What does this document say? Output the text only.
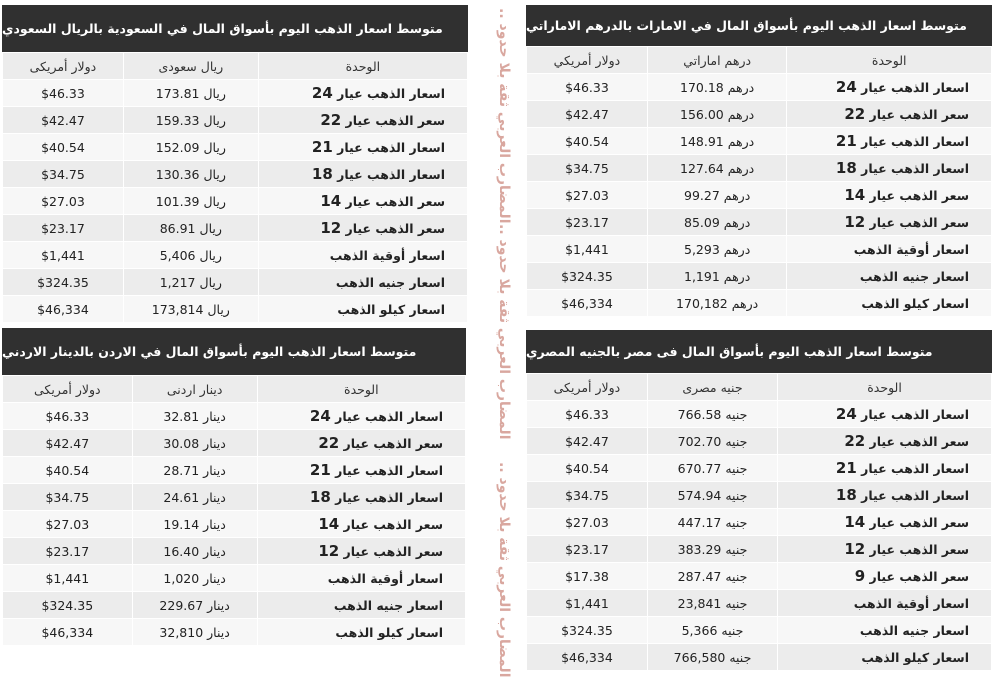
متوسط اسعار الذهب اليوم بأسواق المال في السعودية بالريال السعودي
دولار أمريكى	ريال سعودى	الوحدة
$46.33	173.81 ريال	اسعار الذهب عيار 24
$42.47	159.33 ريال	سعر الذهب عيار 22
$40.54	152.09 ريال	اسعار الذهب عيار 21
$34.75	130.36 ريال	اسعار الذهب عيار 18
$27.03	101.39 ريال	سعر الذهب عيار 14
$23.17	86.91 ريال	سعر الذهب عيار 12
$1,441	5,406 ريال	اسعار أوقية الذهب
$324.35	1,217 ريال	اسعار جنيه الذهب
$46,334	173,814 ريال	اسعار كيلو الذهب
متوسط اسعار الذهب اليوم بأسواق المال في الامارات بالدرهم الاماراتي
دولار أمريكي	درهم اماراتي	الوحدة
$46.33	170.18 درهم	اسعار الذهب عيار 24
$42.47	156.00 درهم	سعر الذهب عيار 22
$40.54	148.91 درهم	اسعار الذهب عيار 21
$34.75	127.64 درهم	اسعار الذهب عيار 18
$27.03	99.27 درهم	سعر الذهب عيار 14
$23.17	85.09 درهم	سعر الذهب عيار 12
$1,441	5,293 درهم	اسعار أوقية الذهب
$324.35	1,191 درهم	اسعار جنيه الذهب
$46,334	170,182 درهم	اسعار كيلو الذهب
متوسط اسعار الذهب اليوم بأسواق المال في الاردن بالدينار الاردني
دولار أمريكى	دينار اردنى	الوحدة
$46.33	32.81 دينار	اسعار الذهب عيار 24
$42.47	30.08 دينار	سعر الذهب عيار 22
$40.54	28.71 دينار	اسعار الذهب عيار 21
$34.75	24.61 دينار	اسعار الذهب عيار 18
$27.03	19.14 دينار	سعر الذهب عيار 14
$23.17	16.40 دينار	سعر الذهب عيار 12
$1,441	1,020 دينار	اسعار أوقية الذهب
$324.35	229.67 دينار	اسعار جنيه الذهب
$46,334	32,810 دينار	اسعار كيلو الذهب
متوسط اسعار الذهب اليوم بأسواق المال فى مصر بالجنيه المصري
دولار أمريكى	جنيه مصرى	الوحدة
$46.33	766.58 جنيه	اسعار الذهب عيار 24
$42.47	702.70 جنيه	سعر الذهب عيار 22
$40.54	670.77 جنيه	اسعار الذهب عيار 21
$34.75	574.94 جنيه	اسعار الذهب عيار 18
$27.03	447.17 جنيه	سعر الذهب عيار 14
$23.17	383.29 جنيه	سعر الذهب عيار 12
$17.38	287.47 جنيه	سعر الذهب عيار 9
$1,441	23,841 جنيه	اسعار أوقية الذهب
$324.35	5,366 جنيه	اسعار جنيه الذهب
$46,334	766,580 جنيه	اسعار كيلو الذهب
المضارب العربي ثقة بلا حدود ..
المضارب العربي ثقة بلا حدود ..
المضارب العربي ثقة بلا حدود ..
